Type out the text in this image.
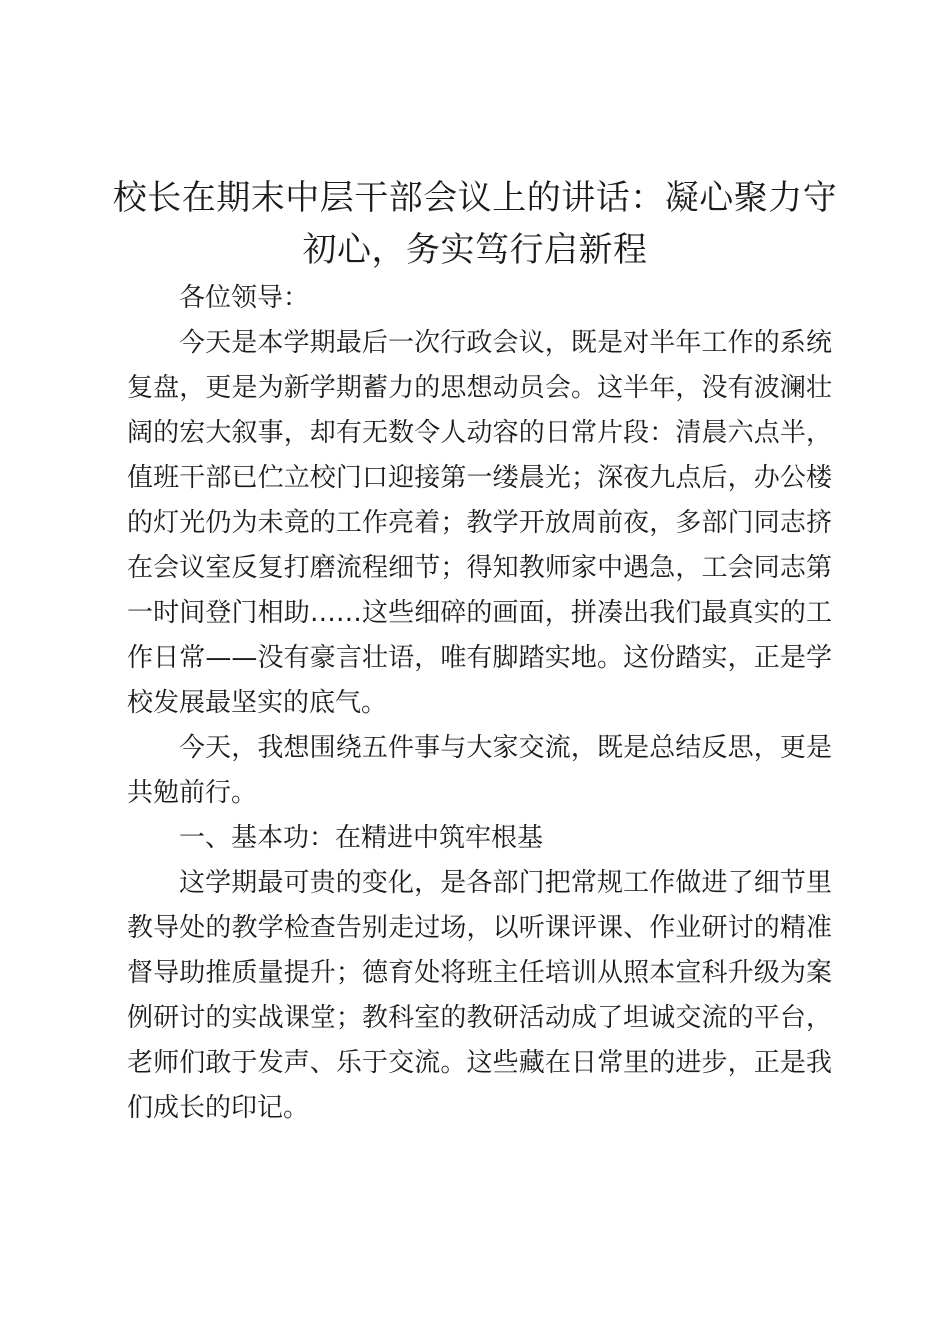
校长在期末中层干部会议上的讲话：凝心聚力守初心，务实笃行启新程

各位领导：

今天是本学期最后一次行政会议，既是对半年工作的系统复盘，更是为新学期蓄力的思想动员会。这半年，没有波澜壮阔的宏大叙事，却有无数令人动容的日常片段：清晨六点半，值班干部已伫立校门口迎接第一缕晨光；深夜九点后，办公楼的灯光仍为未竟的工作亮着；教学开放周前夜，多部门同志挤在会议室反复打磨流程细节；得知教师家中遇急，工会同志第一时间登门相助……这些细碎的画面，拼凑出我们最真实的工作日常——没有豪言壮语，唯有脚踏实地。这份踏实，正是学校发展最坚实的底气。

今天，我想围绕五件事与大家交流，既是总结反思，更是共勉前行。

一、基本功：在精进中筑牢根基

这学期最可贵的变化，是各部门把常规工作做进了细节里教导处的教学检查告别走过场，以听课评课、作业研讨的精准督导助推质量提升；德育处将班主任培训从照本宣科升级为案例研讨的实战课堂；教科室的教研活动成了坦诚交流的平台，老师们敢于发声、乐于交流。这些藏在日常里的进步，正是我们成长的印记。
